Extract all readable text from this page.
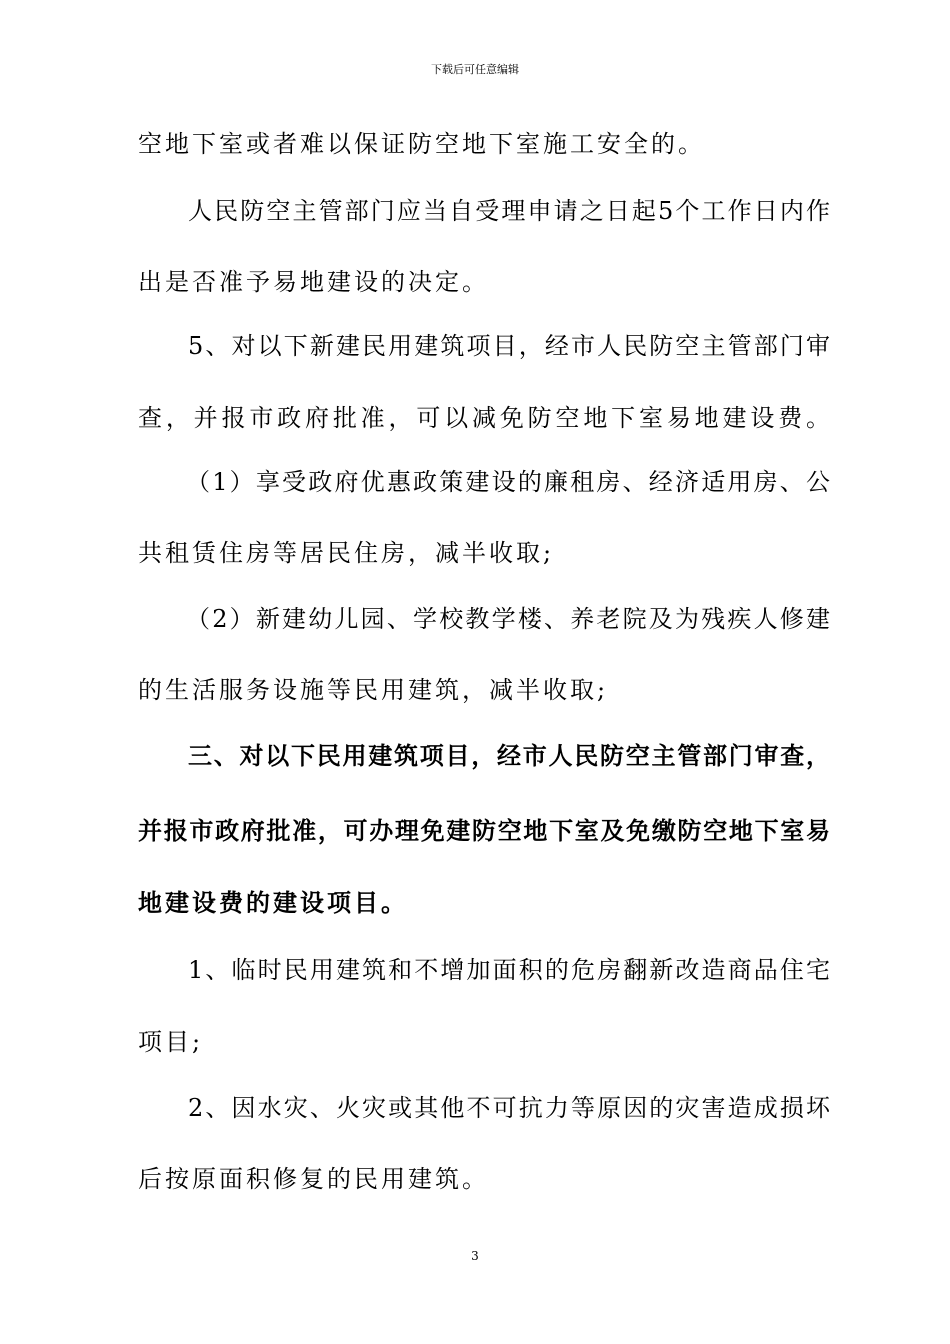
下载后可任意编辑
空地下室或者难以保证防空地下室施工安全的。
人民防空主管部门应当自受理申请之日起5个工作日内作
出是否准予易地建设的决定。
5、对以下新建民用建筑项目，经市人民防空主管部门审
查，并报市政府批准，可以减免防空地下室易地建设费。
（1）享受政府优惠政策建设的廉租房、经济适用房、公
共租赁住房等居民住房，减半收取;
（2）新建幼儿园、学校教学楼、养老院及为残疾人修建
的生活服务设施等民用建筑，减半收取;
三、对以下民用建筑项目，经市人民防空主管部门审查，
并报市政府批准，可办理免建防空地下室及免缴防空地下室易
地建设费的建设项目。
1、临时民用建筑和不增加面积的危房翻新改造商品住宅
项目;
2、因水灾、火灾或其他不可抗力等原因的灾害造成损坏
后按原面积修复的民用建筑。
3
